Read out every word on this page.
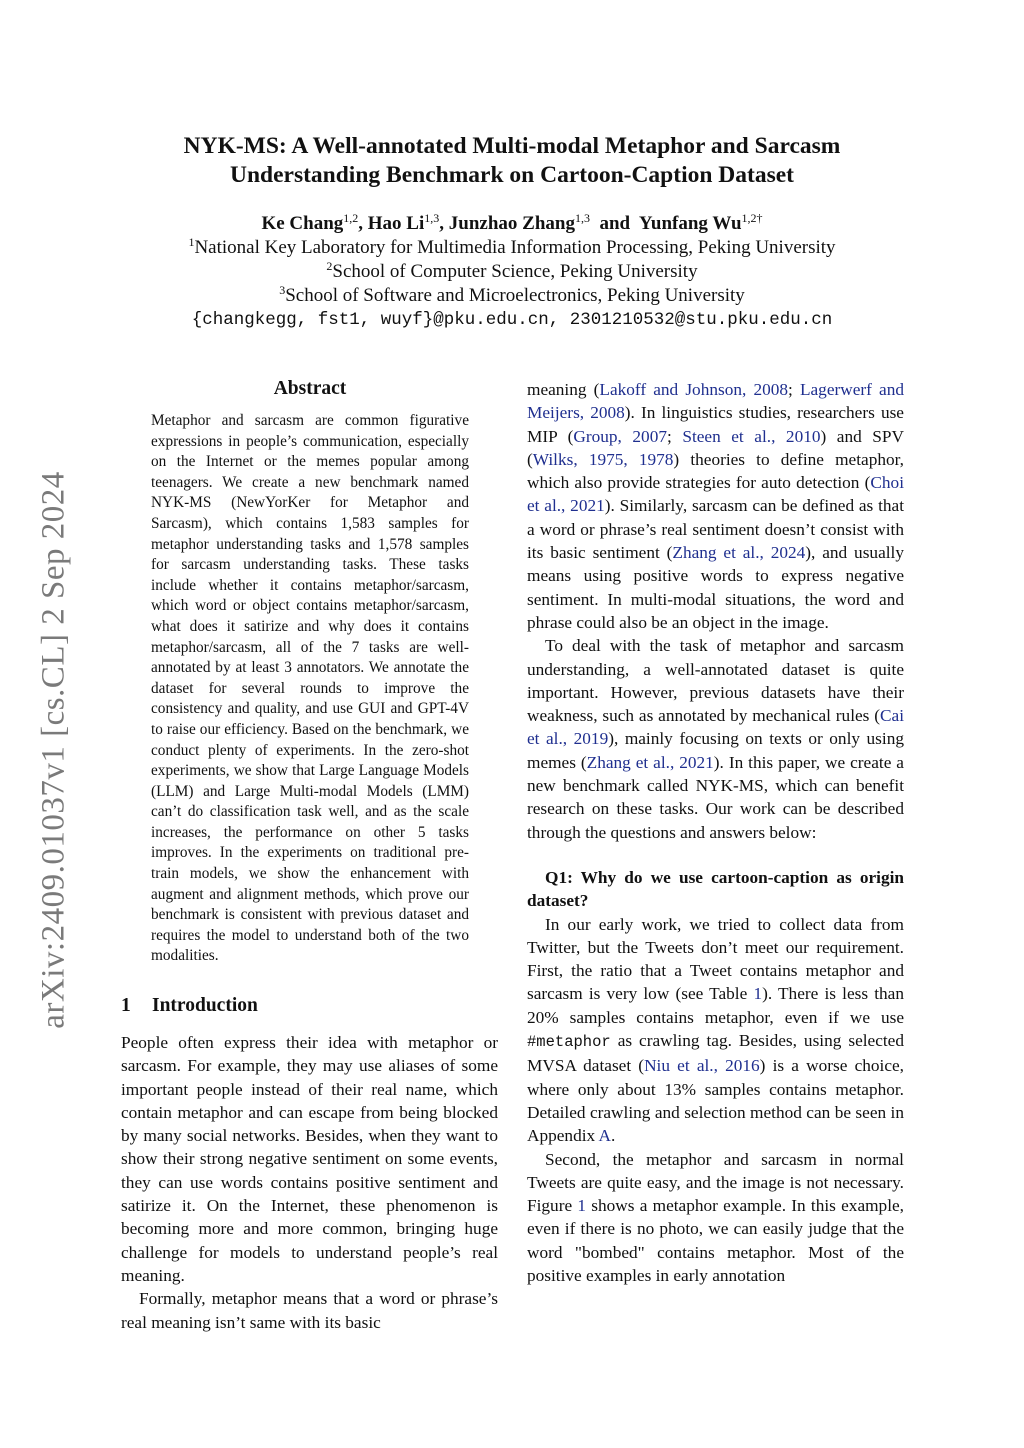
arXiv:2409.01037v1 [cs.CL] 2 Sep 2024
NYK-MS: A Well-annotated Multi-modal Metaphor and Sarcasm
Understanding Benchmark on Cartoon-Caption Dataset
Ke Chang$^{1,2}$, Hao Li$^{1,3}$, Junzhao Zhang$^{1,3}$  and  Yunfang $Wu^{1,2\dagger}$
$^1$National Key Laboratory for Multimedia Information Processing, Peking University
$^2$School of Computer Science, Peking University
$^3$School of Software and Microelectronics, Peking University
{changkegg, fst1, wuyf}@pku.edu.cn, 2301210532@stu.pku.edu.cn
Abstract

Metaphor and sarcasm are common figurative expressions in people’s communication, especially on the Internet or the memes popular among teenagers. We create a new benchmark named NYK-MS (NewYorKer for Metaphor and Sarcasm), which contains 1,583 samples for metaphor understanding tasks and 1,578 samples for sarcasm understanding tasks. These tasks include whether it contains metaphor/sarcasm, which word or object contains metaphor/sarcasm, what does it satirize and why does it contains metaphor/sarcasm, all of the 7 tasks are well-annotated by at least 3 annotators. We annotate the dataset for several rounds to improve the consistency and quality, and use GUI and GPT-4V to raise our efficiency. Based on the benchmark, we conduct plenty of experiments. In the zero-shot experiments, we show that Large Language Models (LLM) and Large Multi-modal Models (LMM) can’t do classification task well, and as the scale increases, the performance on other 5 tasks improves. In the experiments on traditional pre-train models, we show the enhancement with augment and alignment methods, which prove our benchmark is consistent with previous dataset and requires the model to understand both of the two modalities.

1 Introduction

People often express their idea with metaphor or sarcasm. For example, they may use aliases of some important people instead of their real name, which contain metaphor and can escape from being blocked by many social networks. Besides, when they want to show their strong negative sentiment on some events, they can use words contains positive sentiment and satirize it. On the Internet, these phenomenon is becoming more and more common, bringing huge challenge for models to understand people’s real meaning.

Formally, metaphor means that a word or phrase’s real meaning isn’t same with its basic

meaning (Lakoff and Johnson, 2008; Lagerwerf and Meijers, 2008). In linguistics studies, researchers use MIP (Group, 2007; Steen et al., 2010) and SPV (Wilks, 1975, 1978) theories to define metaphor, which also provide strategies for auto detection (Choi et al., 2021). Similarly, sarcasm can be defined as that a word or phrase’s real sentiment doesn’t consist with its basic sentiment (Zhang et al., 2024), and usually means using positive words to express negative sentiment. In multi-modal situations, the word and phrase could also be an object in the image.

To deal with the task of metaphor and sarcasm understanding, a well-annotated dataset is quite important. However, previous datasets have their weakness, such as annotated by mechanical rules (Cai et al., 2019), mainly focusing on texts or only using memes (Zhang et al., 2021). In this paper, we create a new benchmark called NYK-MS, which can benefit research on these tasks. Our work can be described through the questions and answers below:

Q1: Why do we use cartoon-caption as origin dataset?

In our early work, we tried to collect data from Twitter, but the Tweets don’t meet our requirement. First, the ratio that a Tweet contains metaphor and sarcasm is very low (see Table 1). There is less than 20% samples contains metaphor, even if we use #metaphor as crawling tag. Besides, using selected MVSA dataset (Niu et al., 2016) is a worse choice, where only about 13% samples contains metaphor. Detailed crawling and selection method can be seen in Appendix A.

Second, the metaphor and sarcasm in normal Tweets are quite easy, and the image is not necessary. Figure 1 shows a metaphor example. In this example, even if there is no photo, we can easily judge that the word "bombed" contains metaphor. Most of the positive examples in early annotation
